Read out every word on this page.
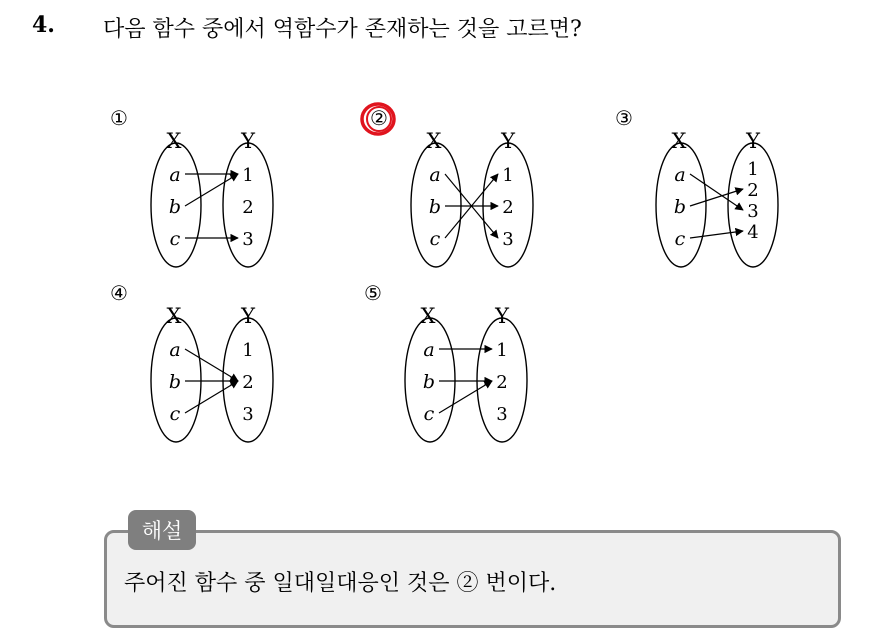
4. 다음 함수 중에서 역함수가 존재하는 것을 고르면?
①
X	Y
a
b
c
1
2
3
②
X	Y
a
b
c
1
2
3
③
X	Y
a
b
c
1
2
3
4
④
X	Y
a
b
c
1
2
3
⑤
X	Y
a
b
c
1
2
3
해설
주어진 함수 중 일대일대응인 것은 ② 번이다.
